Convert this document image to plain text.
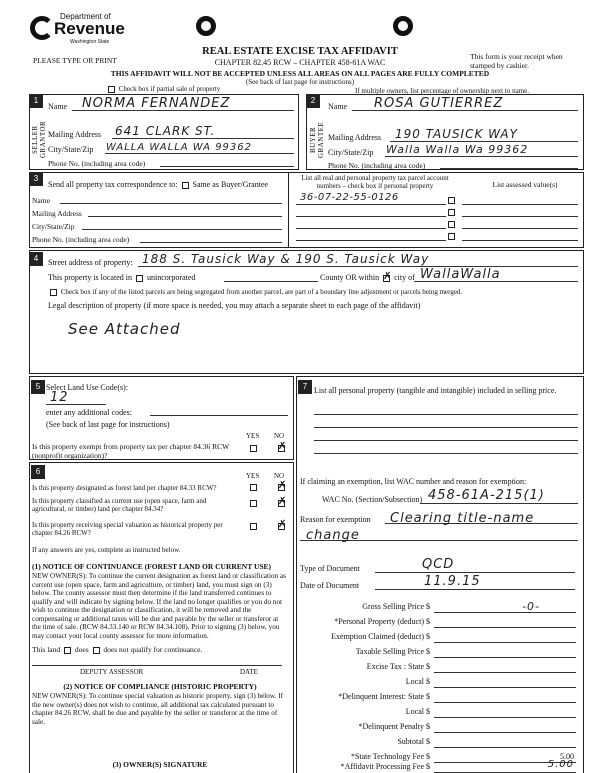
Department of
Revenue
Washington State
PLEASE TYPE OR PRINT
REAL ESTATE EXCISE TAX AFFIDAVIT
CHAPTER 82.45 RCW – CHAPTER 458-61A WAC
THIS AFFIDAVIT WILL NOT BE ACCEPTED UNLESS ALL AREAS ON ALL PAGES ARE FULLY COMPLETED
(See back of last page for instructions)
This form is your receipt when stamped by cashier.
Check box if partial sale of property	If multiple owners, list percentage of ownership next to name.
1
SELLER GRANTOR
Name NORMA FERNANDEZ
Mailing Address 641 CLARK ST.
City/State/Zip WALLA WALLA WA 99362
Phone No. (including area code)
2
BUYER GRANTEE
Name ROSA GUTIERREZ
Mailing Address 190 TAUSICK WAY
City/State/Zip Walla Walla Wa 99362
Phone No. (including area code)
3
Send all property tax correspondence to: Same as Buyer/Grantee
Name
Mailing Address
City/State/Zip
Phone No. (including area code)
List all real and personal property tax parcel account numbers – check box if personal property	List assessed value(s)
36-07-22-55-0126
4	Street address of property: 188 S. Tausick Way & 190 S. Tausick Way
This property is located in unincorporated	County OR within ✗ city of WallaWalla
Check box if any of the listed parcels are being segregated from another parcel, are part of a boundary line adjustment or parcels being merged.
Legal description of property (if more space is needed, you may attach a separate sheet to each page of the affidavit)
See Attached
5 Select Land Use Code(s):
12
enter any additional codes:
(See back of last page for instructions)
YES NO
Is this property exempt from property tax per chapter 84.36 RCW (nonprofit organization)?
✗
6	YES NO
Is this property designated as forest land per chapter 84.33 RCW?	✗
Is this property classified as current use (open space, farm and agricultural, or timber) land per chapter 84.34?
✗
Is this property receiving special valuation as historical property per chapter 84.26 RCW?
✗
If any answers are yes, complete as instructed below.
(1) NOTICE OF CONTINUANCE (FOREST LAND OR CURRENT USE)
NEW OWNER(S): To continue the current designation as forest land or classification as current use (open space, farm and agriculture, or timber) land, you must sign on (3) below. The county assessor must then determine if the land transferred continues to qualify and will indicate by signing below. If the land no longer qualifies or you do not wish to continue the designation or classification, it will be removed and the compensating or additional taxes will be due and payable by the seller or transferor at the time of sale. (RCW 84.33.140 or RCW 84.34.108). Prior to signing (3) below, you may contact your local county assessor for more information.
This land does does not qualify for continuance.
DEPUTY ASSESSOR	DATE
(2) NOTICE OF COMPLIANCE (HISTORIC PROPERTY)
NEW OWNER(S): To continue special valuation as historic property, sign (3) below. If the new owner(s) does not wish to continue, all additional tax calculated pursuant to chapter 84.26 RCW, shall be due and payable by the seller or transferor at the time of sale.
(3) OWNER(S) SIGNATURE
7 List all personal property (tangible and intangible) included in selling price.
If claiming an exemption, list WAC number and reason for exemption:
WAC No. (Section/Subsection) 458-61A-215(1)
Reason for exemption	Clearing title-name change
Type of Document	QCD
Date of Document	11.9.15
Gross Selling Price $	-0-
*Personal Property (deduct) $
Exemption Claimed (deduct) $
Taxable Selling Price $
Excise Tax : State $
Local $
*Delinquent Interest: State $
Local $
*Delinquent Penalty $
Subtotal $
*State Technology Fee $	5.00
*Affidavit Processing Fee $	5.00
